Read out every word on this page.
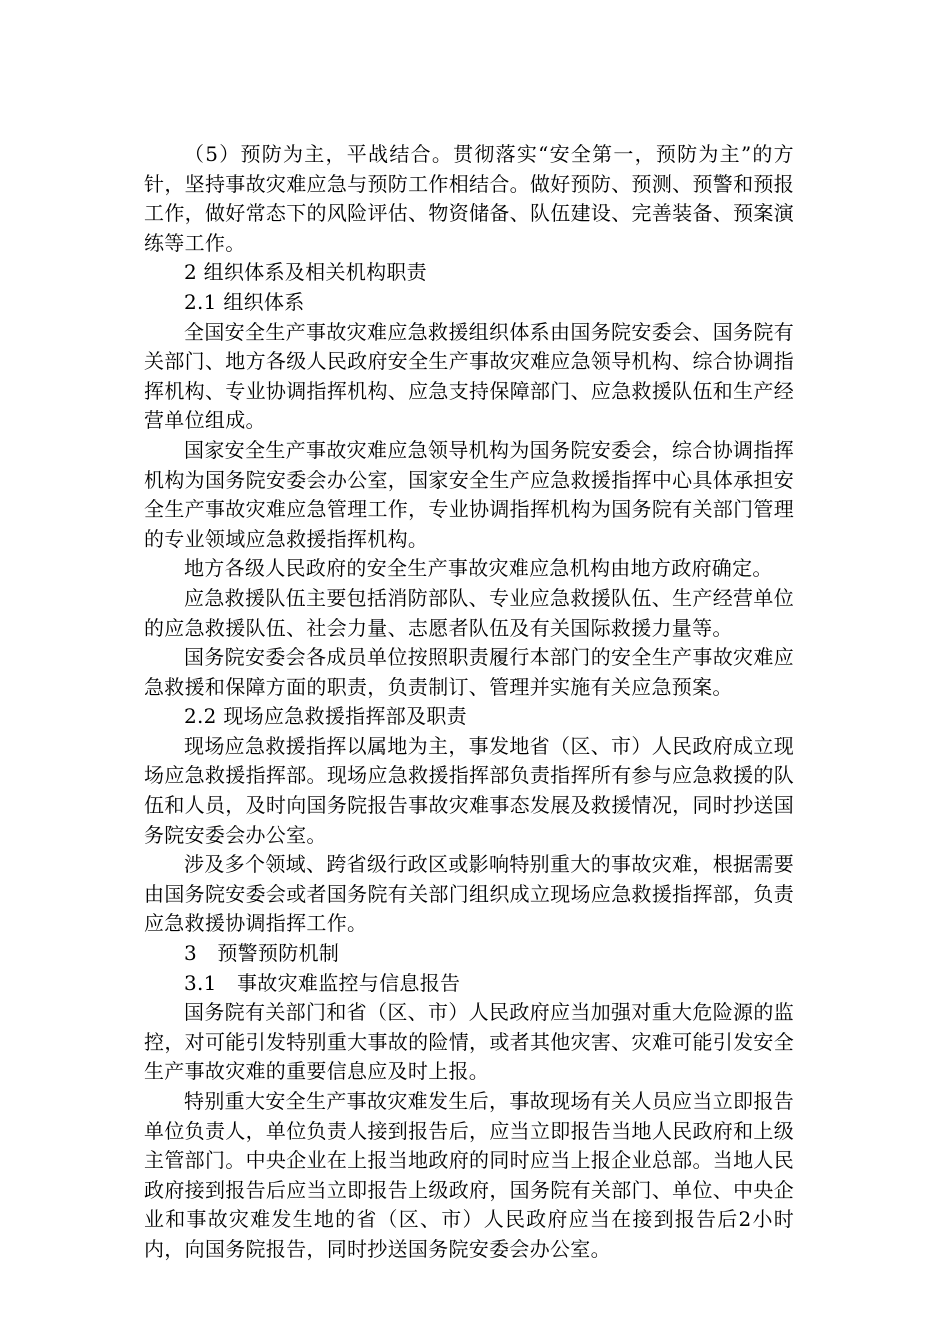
（5）预防为主，平战结合。贯彻落实“安全第一，预防为主”的方针，坚持事故灾难应急与预防工作相结合。做好预防、预测、预警和预报工作，做好常态下的风险评估、物资储备、队伍建设、完善装备、预案演练等工作。

2 组织体系及相关机构职责

2.1 组织体系

全国安全生产事故灾难应急救援组织体系由国务院安委会、国务院有关部门、地方各级人民政府安全生产事故灾难应急领导机构、综合协调指挥机构、专业协调指挥机构、应急支持保障部门、应急救援队伍和生产经营单位组成。

国家安全生产事故灾难应急领导机构为国务院安委会，综合协调指挥机构为国务院安委会办公室，国家安全生产应急救援指挥中心具体承担安全生产事故灾难应急管理工作，专业协调指挥机构为国务院有关部门管理的专业领域应急救援指挥机构。

地方各级人民政府的安全生产事故灾难应急机构由地方政府确定。

应急救援队伍主要包括消防部队、专业应急救援队伍、生产经营单位的应急救援队伍、社会力量、志愿者队伍及有关国际救援力量等。

国务院安委会各成员单位按照职责履行本部门的安全生产事故灾难应急救援和保障方面的职责，负责制订、管理并实施有关应急预案。

2.2 现场应急救援指挥部及职责

现场应急救援指挥以属地为主，事发地省（区、市）人民政府成立现场应急救援指挥部。现场应急救援指挥部负责指挥所有参与应急救援的队伍和人员，及时向国务院报告事故灾难事态发展及救援情况，同时抄送国务院安委会办公室。

涉及多个领域、跨省级行政区或影响特别重大的事故灾难，根据需要由国务院安委会或者国务院有关部门组织成立现场应急救援指挥部，负责应急救援协调指挥工作。

3　预警预防机制

3.1　事故灾难监控与信息报告

国务院有关部门和省（区、市）人民政府应当加强对重大危险源的监控，对可能引发特别重大事故的险情，或者其他灾害、灾难可能引发安全生产事故灾难的重要信息应及时上报。

特别重大安全生产事故灾难发生后，事故现场有关人员应当立即报告单位负责人，单位负责人接到报告后，应当立即报告当地人民政府和上级主管部门。中央企业在上报当地政府的同时应当上报企业总部。当地人民政府接到报告后应当立即报告上级政府，国务院有关部门、单位、中央企业和事故灾难发生地的省（区、市）人民政府应当在接到报告后2小时内，向国务院报告，同时抄送国务院安委会办公室。
